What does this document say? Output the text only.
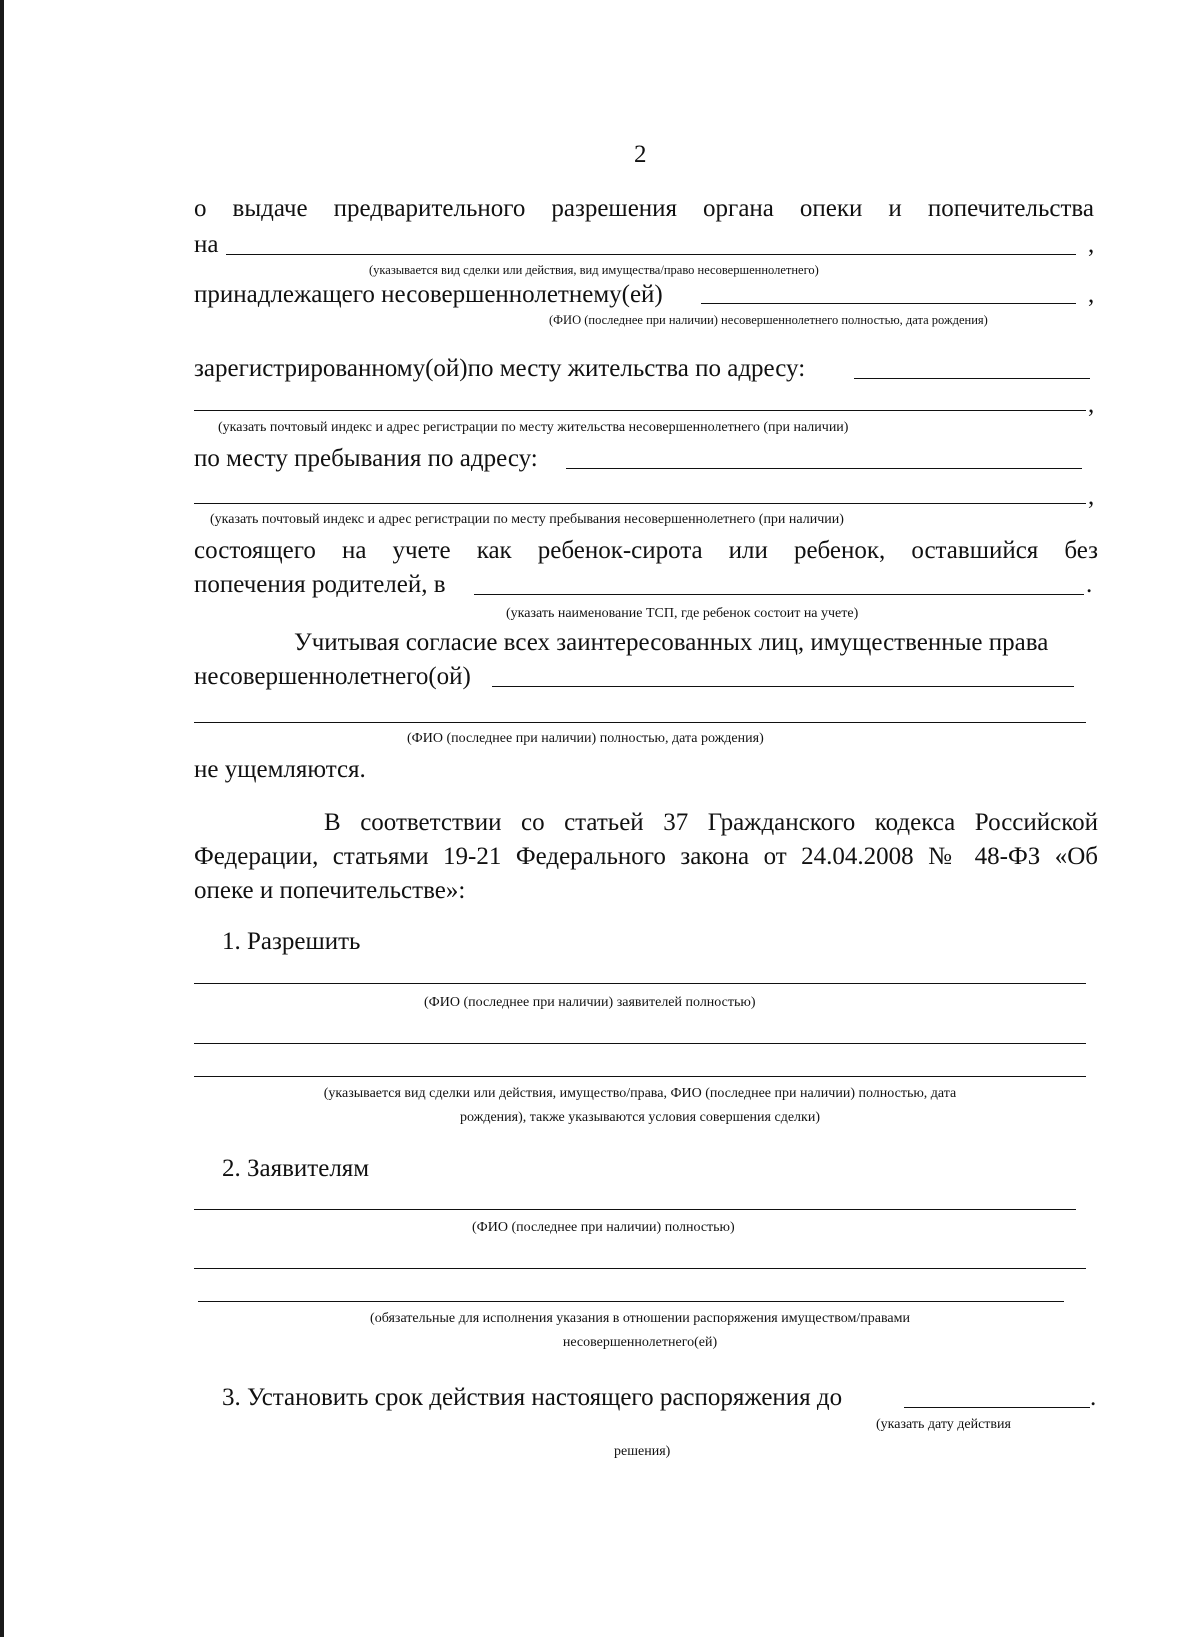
2
о выдаче предварительного разрешения органа опеки и попечительства
на	,
(указывается вид сделки или действия, вид имущества/право несовершеннолетнего)
принадлежащего несовершеннолетнему(ей)	,
(ФИО (последнее при наличии) несовершеннолетнего полностью, дата рождения)
зарегистрированному(ой)по месту жительства по адресу:
,
(указать почтовый индекс и адрес регистрации по месту жительства несовершеннолетнего (при наличии)
по месту пребывания по адресу:
,
(указать почтовый индекс и адрес регистрации по месту пребывания несовершеннолетнего (при наличии)
состоящего на учете как ребенок-сирота или ребенок, оставшийся без
попечения родителей, в	.
(указать наименование ТСП, где ребенок состоит на учете)
Учитывая согласие всех заинтересованных лиц, имущественные права
несовершеннолетнего(ой)
(ФИО (последнее при наличии) полностью, дата рождения)
не ущемляются.
В соответствии со статьей 37 Гражданского кодекса Российской
Федерации, статьями 19-21 Федерального закона от 24.04.2008 № 48-ФЗ «Об
опеке и попечительстве»:
1. Разрешить
(ФИО (последнее при наличии) заявителей полностью)
(указывается вид сделки или действия, имущество/права, ФИО (последнее при наличии) полностью, дата
рождения), также указываются условия совершения сделки)
2. Заявителям
(ФИО (последнее при наличии) полностью)
(обязательные для исполнения указания в отношении распоряжения имуществом/правами
несовершеннолетнего(ей)
3. Установить срок действия настоящего распоряжения до	.
(указать дату действия
решения)
